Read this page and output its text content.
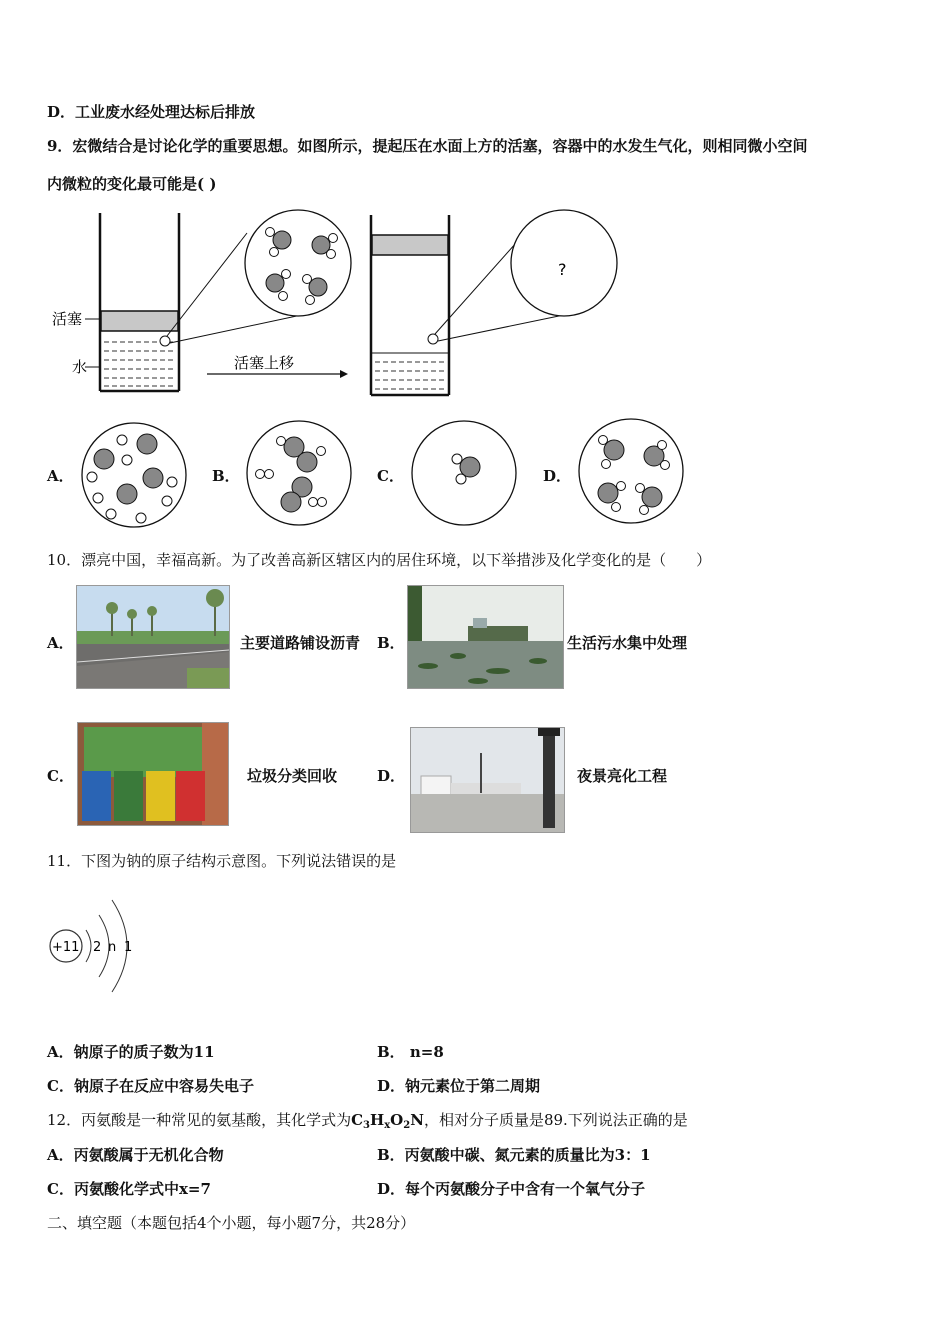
D．工业废水经处理达标后排放
9．宏微结合是讨论化学的重要思想。如图所示，提起压在水面上方的活塞，容器中的水发生气化，则相同微小空间
内微粒的变化最可能是( )
活塞
水	活塞上移
?
A．	B．	C．	D．
10．漂亮中国，幸福高新。为了改善高新区辖区内的居住环境，以下举措涉及化学变化的是（　　）
A．	主要道路铺设沥青 B．	生活污水集中处理
C．	垃圾分类回收	D．	夜景亮化工程
11．下图为钠的原子结构示意图。下列说法错误的是
+11 2 n 1
A．钠原子的质子数为11	B． n=8
C．钠原子在反应中容易失电子	D．钠元素位于第二周期
12．丙氨酸是一种常见的氨基酸，其化学式为$C_3H_xO_2N$，相对分子质量是89.下列说法正确的是
A．丙氨酸属于无机化合物	B．丙氨酸中碳、氮元素的质量比为3：1
C．丙氨酸化学式中x=7	D．每个丙氨酸分子中含有一个氧气分子
二、填空题（本题包括4个小题，每小题7分，共28分）
